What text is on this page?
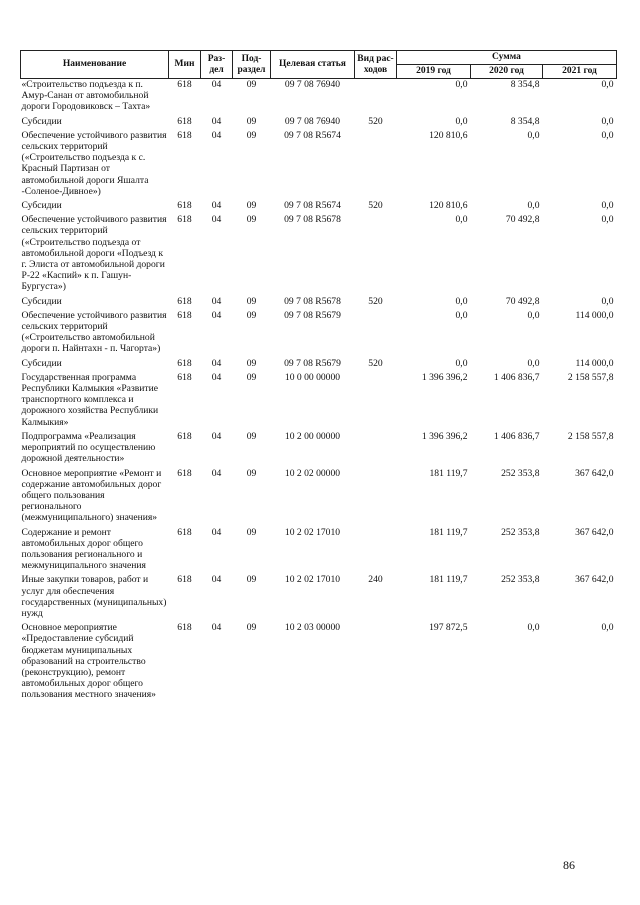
Наименование	Мин	Раз-дел	Под-раздел	Целевая статья	Вид рас-ходов	Сумма		
						2019 год	2020 год	2021 год
«Строительство подъезда к п. Амур-Санан от автомобильной дороги Городовиковск – Тахта»	618	04	09	09 7 08 76940		0,0	8 354,8	0,0
Субсидии	618	04	09	09 7 08 76940	520	0,0	8 354,8	0,0
Обеспечение устойчивого развития сельских территорий («Строительство подъезда к с. Красный Партизан от автомобильной дороги Яшалта -Соленое-Дивное»)	618	04	09	09 7 08 R5674		120 810,6	0,0	0,0
Субсидии	618	04	09	09 7 08 R5674	520	120 810,6	0,0	0,0
Обеспечение устойчивого развития сельских территорий («Строительство подъезда от автомобильной дороги «Подъезд к г. Элиста от автомобильной дороги Р-22 «Каспий» к п. Гашун-Бургуста»)	618	04	09	09 7 08 R5678		0,0	70 492,8	0,0
Субсидии	618	04	09	09 7 08 R5678	520	0,0	70 492,8	0,0
Обеспечение устойчивого развития сельских территорий («Строительство автомобильной дороги п. Найнтахн - п. Чагорта»)	618	04	09	09 7 08 R5679		0,0	0,0	114 000,0
Субсидии	618	04	09	09 7 08 R5679	520	0,0	0,0	114 000,0
Государственная программа Республики Калмыкия «Развитие транспортного комплекса и дорожного хозяйства Республики Калмыкия»	618	04	09	10 0 00 00000		1 396 396,2	1 406 836,7	2 158 557,8
Подпрограмма «Реализация мероприятий по осуществлению дорожной деятельности»	618	04	09	10 2 00 00000		1 396 396,2	1 406 836,7	2 158 557,8
Основное мероприятие «Ремонт и содержание автомобильных дорог общего пользования регионального (межмуниципального) значения»	618	04	09	10 2 02 00000		181 119,7	252 353,8	367 642,0
Содержание и ремонт автомобильных дорог общего пользования регионального и межмуниципального значения	618	04	09	10 2 02 17010		181 119,7	252 353,8	367 642,0
Иные закупки товаров, работ и услуг для обеспечения государственных (муниципальных) нужд	618	04	09	10 2 02 17010	240	181 119,7	252 353,8	367 642,0
Основное мероприятие «Предоставление субсидий бюджетам муниципальных образований на строительство (реконструкцию), ремонт автомобильных дорог общего пользования местного значения»	618	04	09	10 2 03 00000		197 872,5	0,0	0,0
86
